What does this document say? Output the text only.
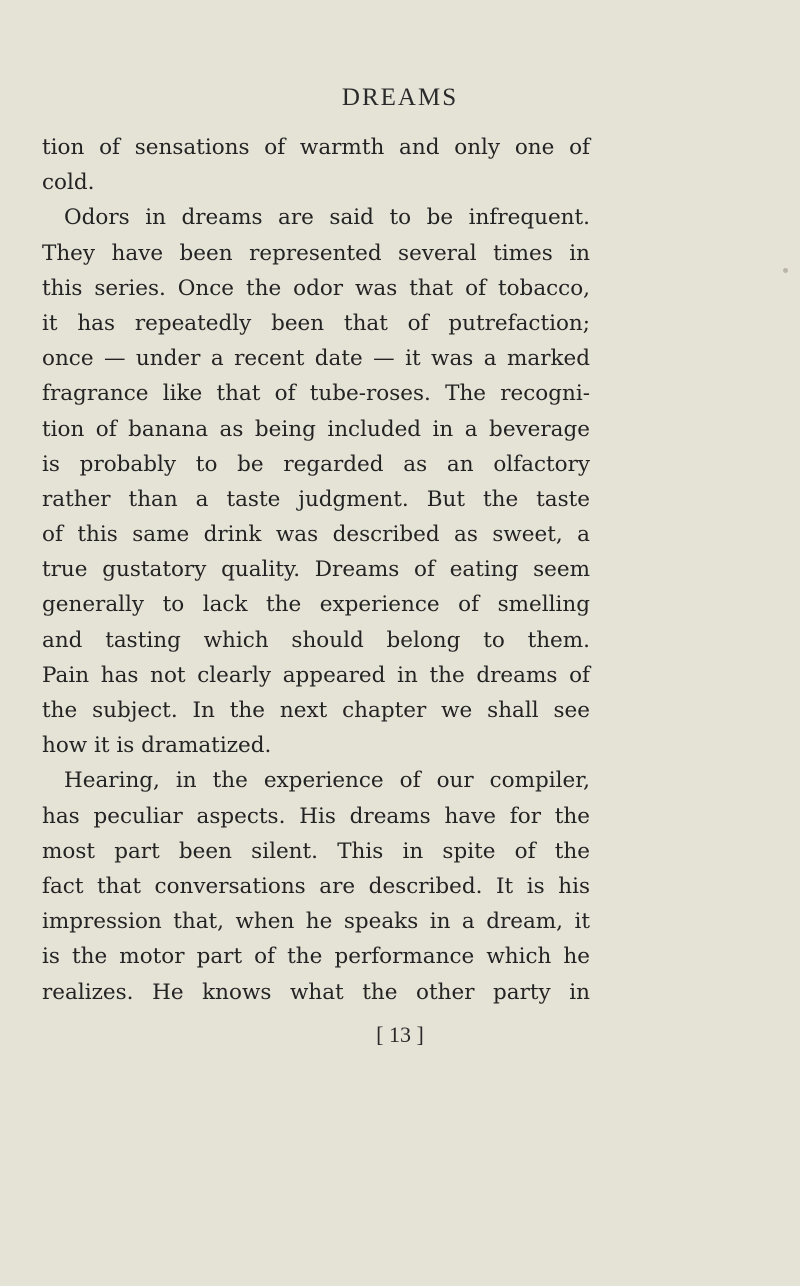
DREAMS
tion of sensations of warmth and only one of
cold.
Odors in dreams are said to be infrequent.
They have been represented several times in
this series. Once the odor was that of tobacco,
it has repeatedly been that of putrefaction;
once — under a recent date — it was a marked
fragrance like that of tube-roses. The recogni-
tion of banana as being included in a beverage
is probably to be regarded as an olfactory
rather than a taste judgment. But the taste
of this same drink was described as sweet, a
true gustatory quality. Dreams of eating seem
generally to lack the experience of smelling
and tasting which should belong to them.
Pain has not clearly appeared in the dreams of
the subject. In the next chapter we shall see
how it is dramatized.
Hearing, in the experience of our compiler,
has peculiar aspects. His dreams have for the
most part been silent. This in spite of the
fact that conversations are described. It is his
impression that, when he speaks in a dream, it
is the motor part of the performance which he
realizes. He knows what the other party in

[ 13 ]
